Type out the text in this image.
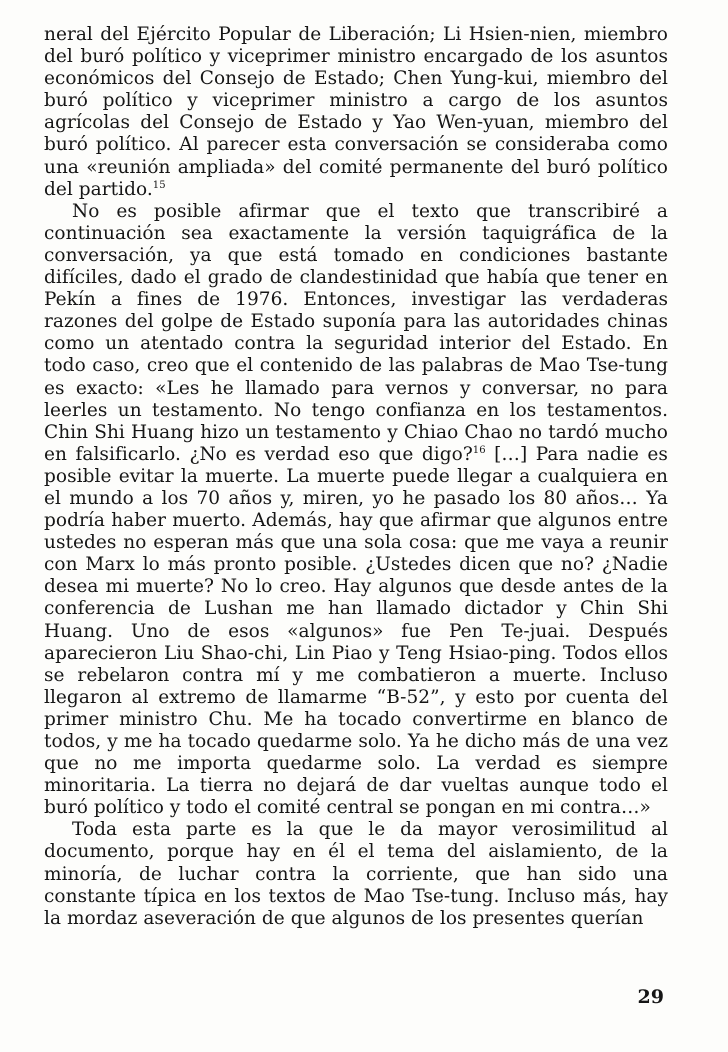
neral del Ejército Popular de Liberación; Li Hsien-nien, miembro del buró político y viceprimer ministro encargado de los asuntos económicos del Consejo de Estado; Chen Yung-kui, miembro del buró político y viceprimer ministro a cargo de los asuntos agrícolas del Consejo de Estado y Yao Wen-yuan, miembro del buró político. Al parecer esta conversación se consideraba como una «reunión ampliada» del comité permanente del buró político del partido.$^{15}$

No es posible afirmar que el texto que transcribiré a continuación sea exactamente la versión taquigráfica de la conversación, ya que está tomado en condiciones bastante difíciles, dado el grado de clandestinidad que había que tener en Pekín a fines de 1976. Entonces, investigar las verdaderas razones del golpe de Estado suponía para las autoridades chinas como un atentado contra la seguridad interior del Estado. En todo caso, creo que el contenido de las palabras de Mao Tse-tung es exacto: «Les he llamado para vernos y conversar, no para leerles un testamento. No tengo confianza en los testamentos. Chin Shi Huang hizo un testamento y Chiao Chao no tardó mucho en falsificarlo. ¿No es verdad eso que digo?$^{16}$ […] Para nadie es posible evitar la muerte. La muerte puede llegar a cualquiera en el mundo a los 70 años y, miren, yo he pasado los 80 años… Ya podría haber muerto. Además, hay que afirmar que algunos entre ustedes no esperan más que una sola cosa: que me vaya a reunir con Marx lo más pronto posible. ¿Ustedes dicen que no? ¿Nadie desea mi muerte? No lo creo. Hay algunos que desde antes de la conferencia de Lushan me han llamado dictador y Chin Shi Huang. Uno de esos «algunos» fue Pen Te-juai. Después aparecieron Liu Shao-chi, Lin Piao y Teng Hsiao-ping. Todos ellos se rebelaron contra mí y me combatieron a muerte. Incluso llegaron al extremo de llamarme “B-52”, y esto por cuenta del primer ministro Chu. Me ha tocado convertirme en blanco de todos, y me ha tocado quedarme solo. Ya he dicho más de una vez que no me importa quedarme solo. La verdad es siempre minoritaria. La tierra no dejará de dar vueltas aunque todo el buró político y todo el comité central se pongan en mi contra…»

Toda esta parte es la que le da mayor verosimilitud al documento, porque hay en él el tema del aislamiento, de la minoría, de luchar contra la corriente, que han sido una constante típica en los textos de Mao Tse-tung. Incluso más, hay la mordaz aseveración de que algunos de los presentes querían

29
